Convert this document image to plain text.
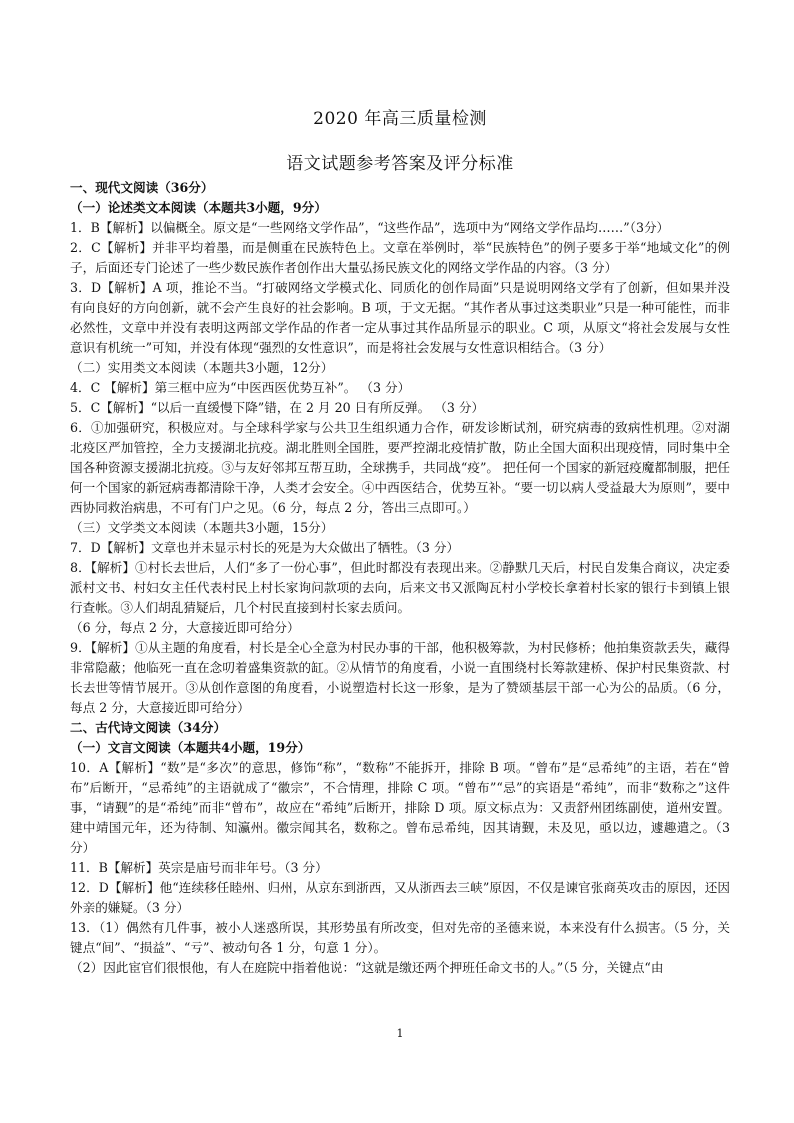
2020 年高三质量检测
语文试题参考答案及评分标准

一、现代文阅读（36分）

（一）论述类文本阅读（本题共3小题，9分）

1．B【解析】以偏概全。原文是“一些网络文学作品”，“这些作品”，选项中为“网络文学作品均……”（3分）

2．C【解析】并非平均着墨，而是侧重在民族特色上。文章在举例时，举“民族特色”的例子要多于举“地域文化”的例子，后面还专门论述了一些少数民族作者创作出大量弘扬民族文化的网络文学作品的内容。（3 分）

3．D【解析】A 项，推论不当。“打破网络文学模式化、同质化的创作局面”只是说明网络文学有了创新，但如果并没有向良好的方向创新，就不会产生良好的社会影响。B 项，于文无据。“其作者从事过这类职业”只是一种可能性，而非必然性，文章中并没有表明这两部文学作品的作者一定从事过其作品所显示的职业。C 项，从原文“将社会发展与女性意识有机统一”可知，并没有体现“强烈的女性意识”，而是将社会发展与女性意识相结合。（3 分）

（二）实用类文本阅读（本题共3小题，12分）

4．C 【解析】第三框中应为“中医西医优势互补”。 （3 分）

5．C【解析】“以后一直缓慢下降”错，在 2 月 20 日有所反弹。 （3 分）

6．①加强研究，积极应对。与全球科学家与公共卫生组织通力合作，研发诊断试剂，研究病毒的致病性机理。②对湖北疫区严加管控，全力支援湖北抗疫。湖北胜则全国胜，要严控湖北疫情扩散，防止全国大面积出现疫情，同时集中全国各种资源支援湖北抗疫。③与友好邻邦互帮互助，全球携手，共同战“疫”。 把任何一个国家的新冠疫魔都制服，把任何一个国家的新冠病毒都清除干净，人类才会安全。④中西医结合，优势互补。“要一切以病人受益最大为原则”，要中西协同救治病患，不可有门户之见。（6 分，每点 2 分，答出三点即可。）

（三）文学类文本阅读（本题共3小题，15分）

7．D【解析】文章也并未显示村长的死是为大众做出了牺牲。（3 分）

8．【解析】①村长去世后，人们“多了一份心事”，但此时都没有表现出来。②静默几天后，村民自发集合商议，决定委派村文书、村妇女主任代表村民上村长家询问款项的去向，后来文书又派陶瓦村小学校长拿着村长家的银行卡到镇上银行查帐。③人们胡乱猜疑后，几个村民直接到村长家去质问。

（6 分，每点 2 分，大意接近即可给分）

9．【解析】①从主题的角度看，村长是全心全意为村民办事的干部，他积极筹款，为村民修桥；他拍集资款丢失，藏得非常隐蔽；他临死一直在念叨着盛集资款的缸。②从情节的角度看，小说一直围绕村长筹款建桥、保护村民集资款、村长去世等情节展开。③从创作意图的角度看，小说塑造村长这一形象，是为了赞颂基层干部一心为公的品质。（6 分，每点 2 分，大意接近即可给分）

二、古代诗文阅读（34分）

（一）文言文阅读（本题共4小题，19分）

10．A【解析】“数”是“多次”的意思，修饰“称”，“数称”不能拆开，排除 B 项。“曾布”是“忌希纯”的主语，若在“曾布”后断开，“忌希纯”的主语就成了“徽宗”，不合情理，排除 C 项。“曾布”“忌”的宾语是“希纯”，而非“数称之”这件事，“请觐”的是“希纯”而非“曾布”，故应在“希纯”后断开，排除 D 项。原文标点为：又责舒州团练副使，道州安置。建中靖国元年，还为待制、知瀛州。徽宗闻其名，数称之。曾布忌希纯，因其请觐，未及见，亟以边，遽趣遣之。（3 分）

11．B【解析】英宗是庙号而非年号。（3 分）

12．D【解析】他“连续移任睦州、归州，从京东到浙西，又从浙西去三峡”原因，不仅是谏官张商英攻击的原因，还因外亲的嫌疑。（3 分）

13．（1）偶然有几件事，被小人迷惑所误，其形势虽有所改变，但对先帝的圣德来说，本来没有什么损害。（5 分，关键点“间”、“损益”、“亏”、被动句各 1 分，句意 1 分）。

（2）因此宦官们很恨他，有人在庭院中指着他说：“这就是缴还两个押班任命文书的人。”（5 分，关键点“由

1
